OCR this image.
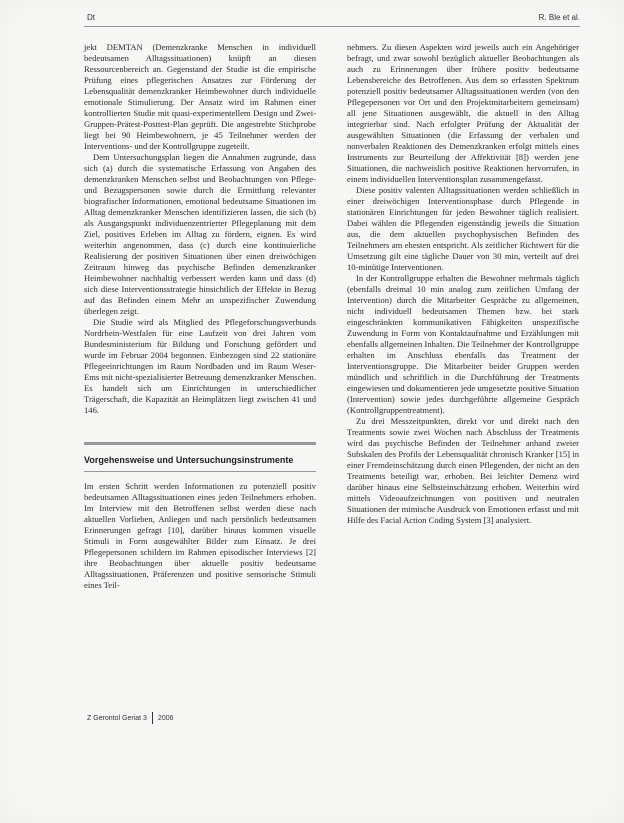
Dt	R. Ble et al.

jekt DEMTAN (Demenzkranke Menschen in individuell bedeutsamen Alltagssituationen) knüpft an diesen Ressourcenbereich an. Gegenstand der Studie ist die empirische Prüfung eines pflegerischen Ansatzes zur Förderung der Lebensqualität demenzkranker Heimbewohner durch individuelle emotionale Stimulierung. Der Ansatz wird im Rahmen einer kontrollierten Studie mit quasi-experimentellem Design und Zwei-Gruppen-Prätest-Posttest-Plan geprüft. Die angestrebte Stichprobe liegt bei 90 Heimbewohnern, je 45 Teilnehmer werden der Interventions- und der Kontrollgruppe zugeteilt.

Dem Untersuchungsplan liegen die Annahmen zugrunde, dass sich (a) durch die systematische Erfassung von Angaben des demenzkranken Menschen selbst und Beobachtungen von Pflege- und Bezugspersonen sowie durch die Ermittlung relevanter biografischer Informationen, emotional bedeutsame Situationen im Alltag demenzkranker Menschen identifizieren lassen, die sich (b) als Ausgangspunkt individuenzentrierter Pflegeplanung mit dem Ziel, positives Erleben im Alltag zu fördern, eignen. Es wird weiterhin angenommen, dass (c) durch eine kontinuierliche Realisierung der positiven Situationen über einen dreiwöchigen Zeitraum hinweg das psychische Befinden demenzkranker Heimbewohner nachhaltig verbessert werden kann und dass (d) sich diese Interventionsstrategie hinsichtlich der Effekte in Bezug auf das Befinden einem Mehr an unspezifischer Zuwendung überlegen zeigt.

Die Studie wird als Mitglied des Pflegeforschungsverbunds Nordrhein-Westfalen für eine Laufzeit von drei Jahren vom Bundesministerium für Bildung und Forschung gefördert und wurde im Februar 2004 begonnen. Einbezogen sind 22 stationäre Pflegeeinrichtungen im Raum Nordbaden und im Raum Weser-Ems mit nicht-spezialisierter Betreuung demenzkranker Menschen. Es handelt sich um Einrichtungen in unterschiedlicher Trägerschaft, die Kapazität an Heimplätzen liegt zwischen 41 und 146.

Vorgehensweise und Untersuchungsinstrumente

Im ersten Schritt werden Informationen zu potenziell positiv bedeutsamen Alltagssituationen eines jeden Teilnehmers erhoben. Im Interview mit den Betroffenen selbst werden diese nach aktuellen Vorlieben, Anliegen und nach persönlich bedeutsamen Erinnerungen gefragt [10], darüber hinaus kommen visuelle Stimuli in Form ausgewählter Bilder zum Einsatz. Je drei Pflegepersonen schildern im Rahmen episodischer Interviews [2] ihre Beobachtungen über aktuelle positiv bedeutsame Alltagssituationen, Präferenzen und positive sensorische Stimuli eines Teil-

nehmers. Zu diesen Aspekten wird jeweils auch ein Angehöriger befragt, und zwar sowohl bezüglich aktueller Beobachtungen als auch zu Erinnerungen über frühere positiv bedeutsame Lebensbereiche des Betroffenen. Aus dem so erfassten Spektrum potenziell positiv bedeutsamer Alltagssituationen werden (von den Pflegepersonen vor Ort und den Projektmitarbeitern gemeinsam) all jene Situationen ausgewählt, die aktuell in den Alltag integrierbar sind. Nach erfolgter Prüfung der Aktualität der ausgewählten Situationen (die Erfassung der verbalen und nonverbalen Reaktionen des Demenzkranken erfolgt mittels eines Instruments zur Beurteilung der Affektivität [8]) werden jene Situationen, die nachweislich positive Reaktionen hervorrufen, in einem individuellen Interventionsplan zusammengefasst.

Diese positiv valenten Alltagssituationen werden schließlich in einer dreiwöchigen Interventionsphase durch Pflegende in stationären Einrichtungen für jeden Bewohner täglich realisiert. Dabei wählen die Pflegenden eigenständig jeweils die Situation aus, die dem aktuellen psychophysischen Befinden des Teilnehmers am ehesten entspricht. Als zeitlicher Richtwert für die Umsetzung gilt eine tägliche Dauer von 30 min, verteilt auf drei 10-minütige Interventionen.

In der Kontrollgruppe erhalten die Bewohner mehrmals täglich (ebenfalls dreimal 10 min analog zum zeitlichen Umfang der Intervention) durch die Mitarbeiter Gespräche zu allgemeinen, nicht individuell bedeutsamen Themen bzw. bei stark eingeschränkten kommunikativen Fähigkeiten unspezifische Zuwendung in Form von Kontaktaufnahme und Erzählungen mit ebenfalls allgemeinen Inhalten. Die Teilnehmer der Kontrollgruppe erhalten im Anschluss ebenfalls das Treatment der Interventionsgruppe. Die Mitarbeiter beider Gruppen werden mündlich und schriftlich in die Durchführung der Treatments eingewiesen und dokumentieren jede umgesetzte positive Situation (Intervention) sowie jedes durchgeführte allgemeine Gespräch (Kontrollgruppentreatment).

Zu drei Messzeitpunkten, direkt vor und direkt nach den Treatments sowie zwei Wochen nach Abschluss der Treatments wird das psychische Befinden der Teilnehmer anhand zweier Subskalen des Profils der Lebensqualität chronisch Kranker [15] in einer Fremdeinschätzung durch einen Pflegenden, der nicht an den Treatments beteiligt war, erhoben. Bei leichter Demenz wird darüber hinaus eine Selbsteinschätzung erhoben. Weiterhin wird mittels Videoaufzeichnungen von positiven und neutralen Situationen der mimische Ausdruck von Emotionen erfasst und mit Hilfe des Facial Action Coding System [3] analysiert.

Z Gerontol Geriat 3 2006
